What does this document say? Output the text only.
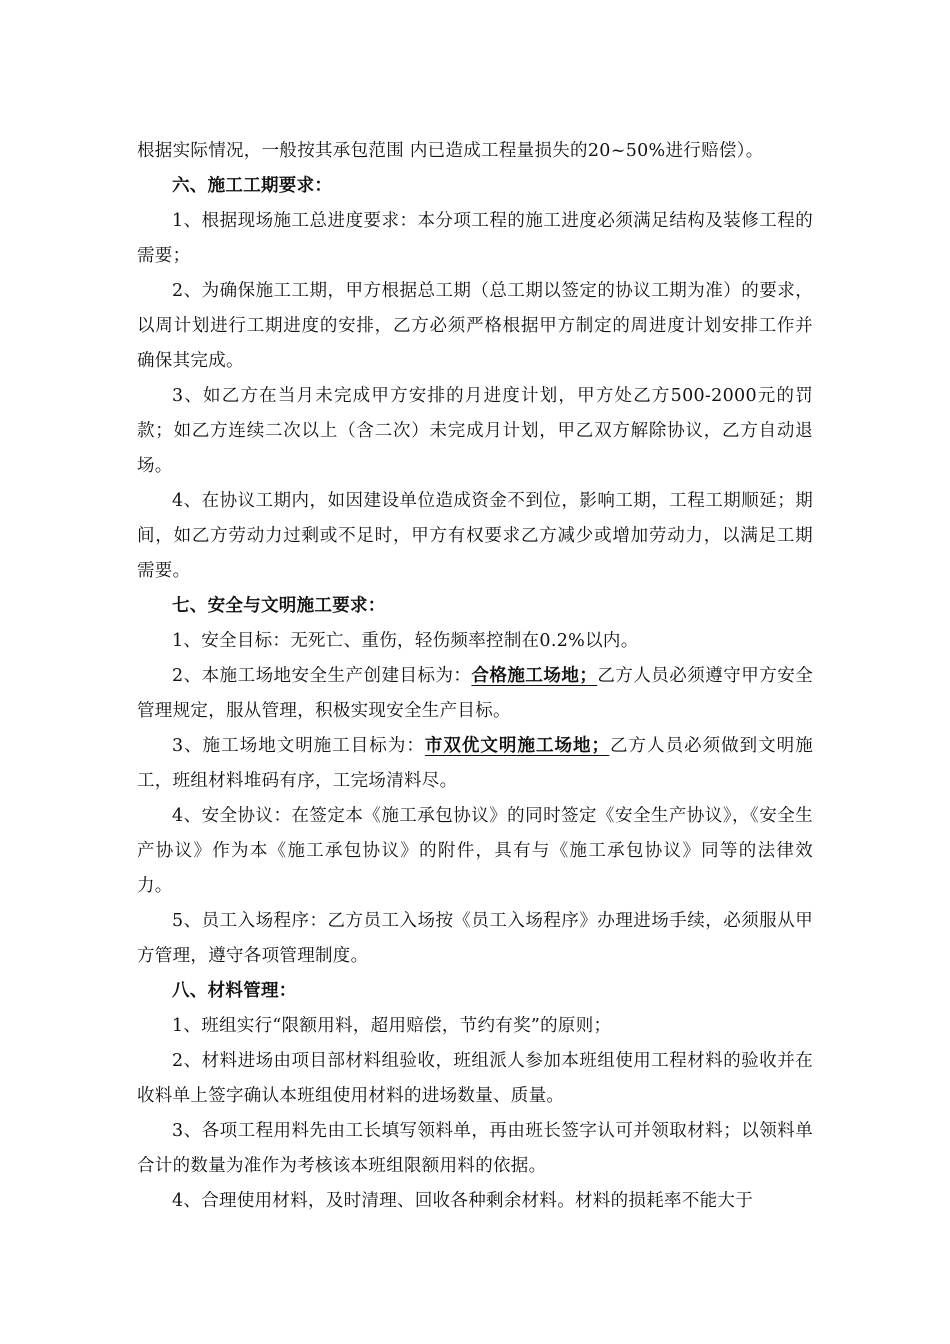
根据实际情况，一般按其承包范围 内已造成工程量损失的20~50%进行赔偿）。

六、施工工期要求：

1、根据现场施工总进度要求：本分项工程的施工进度必须满足结构及装修工程的需要；

2、为确保施工工期，甲方根据总工期（总工期以签定的协议工期为准）的要求，以周计划进行工期进度的安排，乙方必须严格根据甲方制定的周进度计划安排工作并确保其完成。

3、如乙方在当月未完成甲方安排的月进度计划，甲方处乙方500-2000元的罚款；如乙方连续二次以上（含二次）未完成月计划，甲乙双方解除协议，乙方自动退场。

4、在协议工期内，如因建设单位造成资金不到位，影响工期，工程工期顺延；期间，如乙方劳动力过剩或不足时，甲方有权要求乙方减少或增加劳动力，以满足工期需要。

七、安全与文明施工要求：

1、安全目标：无死亡、重伤，轻伤频率控制在0.2%以内。

2、本施工场地安全生产创建目标为：合格施工场地；乙方人员必须遵守甲方安全管理规定，服从管理，积极实现安全生产目标。

3、施工场地文明施工目标为：市双优文明施工场地；乙方人员必须做到文明施工，班组材料堆码有序，工完场清料尽。

4、安全协议：在签定本《施工承包协议》的同时签定《安全生产协议》，《安全生产协议》作为本《施工承包协议》的附件，具有与《施工承包协议》同等的法律效力。

5、员工入场程序：乙方员工入场按《员工入场程序》办理进场手续，必须服从甲方管理，遵守各项管理制度。

八、材料管理：

1、班组实行“限额用料，超用赔偿，节约有奖”的原则；

2、材料进场由项目部材料组验收，班组派人参加本班组使用工程材料的验收并在收料单上签字确认本班组使用材料的进场数量、质量。

3、各项工程用料先由工长填写领料单，再由班长签字认可并领取材料；以领料单合计的数量为准作为考核该本班组限额用料的依据。

4、合理使用材料，及时清理、回收各种剩余材料。材料的损耗率不能大于
